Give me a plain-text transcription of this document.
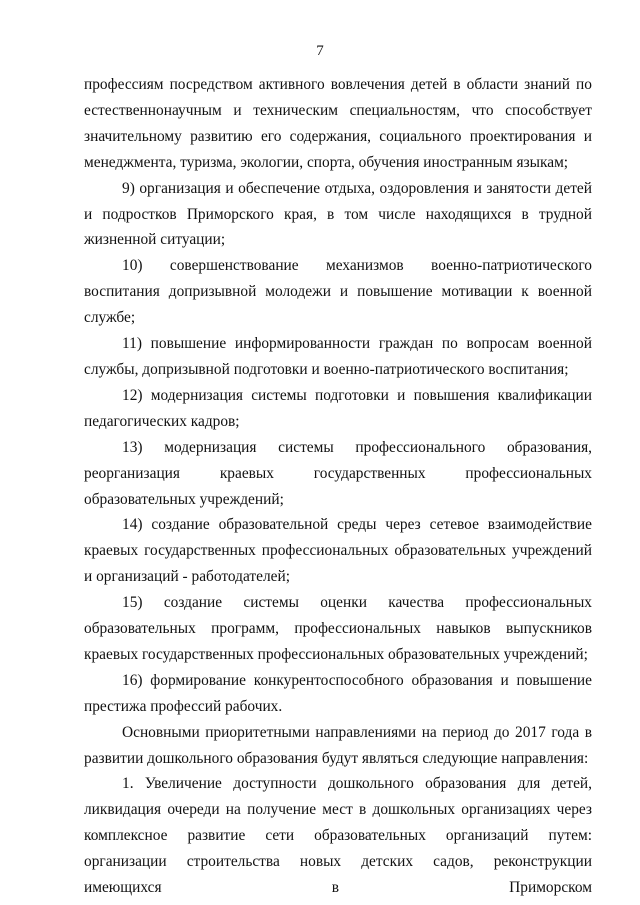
7

профессиям посредством активного вовлечения детей в области знаний по естественнонаучным и техническим специальностям, что способствует значительному развитию его содержания, социального проектирования и менеджмента, туризма, экологии, спорта, обучения иностранным языкам;

9) организация и обеспечение отдыха, оздоровления и занятости детей и подростков Приморского края, в том числе находящихся в трудной жизненной ситуации;

10) совершенствование механизмов военно-патриотического воспитания допризывной молодежи и повышение мотивации к военной службе;

11) повышение информированности граждан по вопросам военной службы, допризывной подготовки и военно-патриотического воспитания;

12) модернизация системы подготовки и повышения квалификации педагогических кадров;

13) модернизация системы профессионального образования, реорганизация краевых государственных профессиональных образовательных учреждений;

14) создание образовательной среды через сетевое взаимодействие краевых государственных профессиональных образовательных учреждений и организаций - работодателей;

15) создание системы оценки качества профессиональных образовательных программ, профессиональных навыков выпускников краевых государственных профессиональных образовательных учреждений;

16) формирование конкурентоспособного образования и повышение престижа профессий рабочих.

Основными приоритетными направлениями на период до 2017 года в развитии дошкольного образования будут являться следующие направления:

1. Увеличение доступности дошкольного образования для детей, ликвидация очереди на получение мест в дошкольных организациях через комплексное развитие сети образовательных организаций путем: организации строительства новых детских садов, реконструкции имеющихся в Приморском
